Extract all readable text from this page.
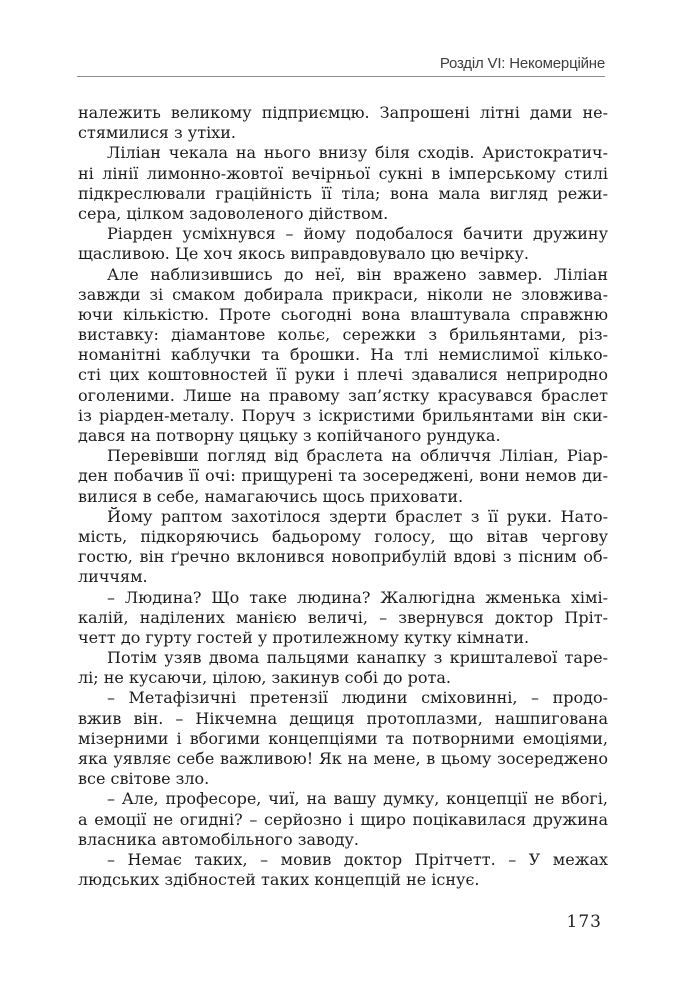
Розділ VI: Некомерційне

належить великому підприємцю. Запрошені літні дами не-
стямилися з утіхи.

Ліліан чекала на нього внизу біля сходів. Аристократич-
ні лінії лимонно-жовтої вечірньої сукні в імперському стилі
підкреслювали граційність її тіла; вона мала вигляд режи-
сера, цілком задоволеного дійством.

Ріарден усміхнувся – йому подобалося бачити дружину
щасливою. Це хоч якось виправдовувало цю вечірку.

Але наблизившись до неї, він вражено завмер. Ліліан
завжди зі смаком добирала прикраси, ніколи не зловжива-
ючи кількістю. Проте сьогодні вона влаштувала справжню
виставку: діамантове кольє, сережки з брильянтами, різ-
номанітні каблучки та брошки. На тлі немислимої кілько-
сті цих коштовностей її руки і плечі здавалися неприродно
оголеними. Лише на правому зап’ястку красувався браслет
із ріарден-металу. Поруч з іскристими брильянтами він ски-
дався на потворну цяцьку з копійчаного рундука.

Перевівши погляд від браслета на обличчя Ліліан, Ріар-
ден побачив її очі: прищурені та зосереджені, вони немов ди-
вилися в себе, намагаючись щось приховати.

Йому раптом захотілося здерти браслет з її руки. Нато-
мість, підкоряючись бадьорому голосу, що вітав чергову
гостю, він ґречно вклонився новоприбулій вдові з пісним об-
личчям.

– Людина? Що таке людина? Жалюгідна жменька хімі-
калій, наділених манією величі, – звернувся доктор Пріт-
четт до гурту гостей у протилежному кутку кімнати.

Потім узяв двома пальцями канапку з кришталевої таре-
лі; не кусаючи, цілою, закинув собі до рота.

– Метафізичні претензії людини сміховинні, – продо-
вжив він. – Нікчемна дещиця протоплазми, нашпигована
мізерними і вбогими концепціями та потворними емоціями,
яка уявляє себе важливою! Як на мене, в цьому зосереджено
все світове зло.

– Але, професоре, чиї, на вашу думку, концепції не вбогі,
а емоції не огидні? – серйозно і щиро поцікавилася дружина
власника автомобільного заводу.

– Немає таких, – мовив доктор Прітчетт. – У межах
людських здібностей таких концепцій не існує.

173
